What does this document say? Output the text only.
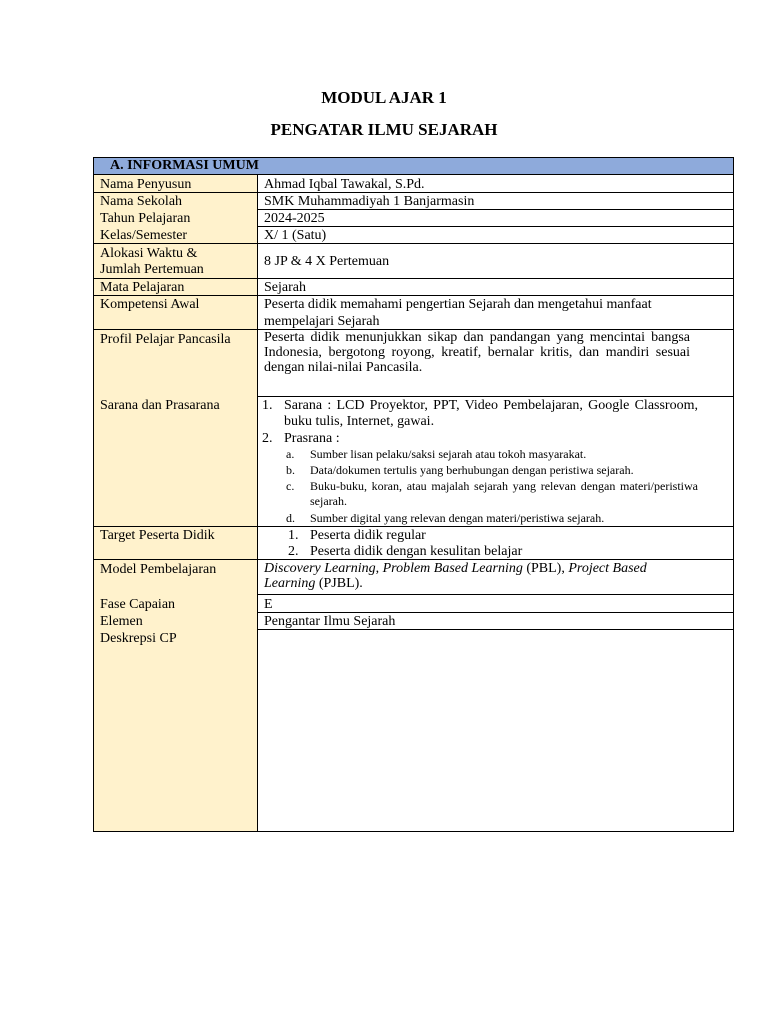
MODUL AJAR 1
PENGATAR ILMU SEJARAH
A. INFORMASI UMUM
Nama Penyusun
Nama Sekolah
Tahun Pelajaran
Kelas/Semester
Alokasi Waktu &
Jumlah Pertemuan
Mata Pelajaran
Kompetensi Awal
Profil Pelajar Pancasila
Sarana dan Prasarana
Target Peserta Didik
Model Pembelajaran
Fase Capaian
Elemen
Deskrepsi CP
Ahmad Iqbal Tawakal, S.Pd.
SMK Muhammadiyah 1 Banjarmasin
2024-2025
X/ 1 (Satu)
8 JP & 4 X Pertemuan
Sejarah
Peserta didik memahami pengertian Sejarah dan mengetahui manfaat
mempelajari Sejarah
Peserta didik menunjukkan sikap dan pandangan yang mencintai bangsa Indonesia, bergotong royong, kreatif, bernalar kritis, dan mandiri sesuai dengan nilai-nilai Pancasila.
1. Sarana : LCD Proyektor, PPT, Video Pembelajaran, Google Classroom, buku tulis, Internet, gawai.
2. Prasrana :
a. Sumber lisan pelaku/saksi sejarah atau tokoh masyarakat.
b. Data/dokumen tertulis yang berhubungan dengan peristiwa sejarah.
c. Buku-buku, koran, atau majalah sejarah yang relevan dengan materi/peristiwa sejarah.
d. Sumber digital yang relevan dengan materi/peristiwa sejarah.
1. Peserta didik regular
2. Peserta didik dengan kesulitan belajar
Discovery Learning, Problem Based Learning (PBL), Project Based Learning (PJBL).
E
Pengantar Ilmu Sejarah
